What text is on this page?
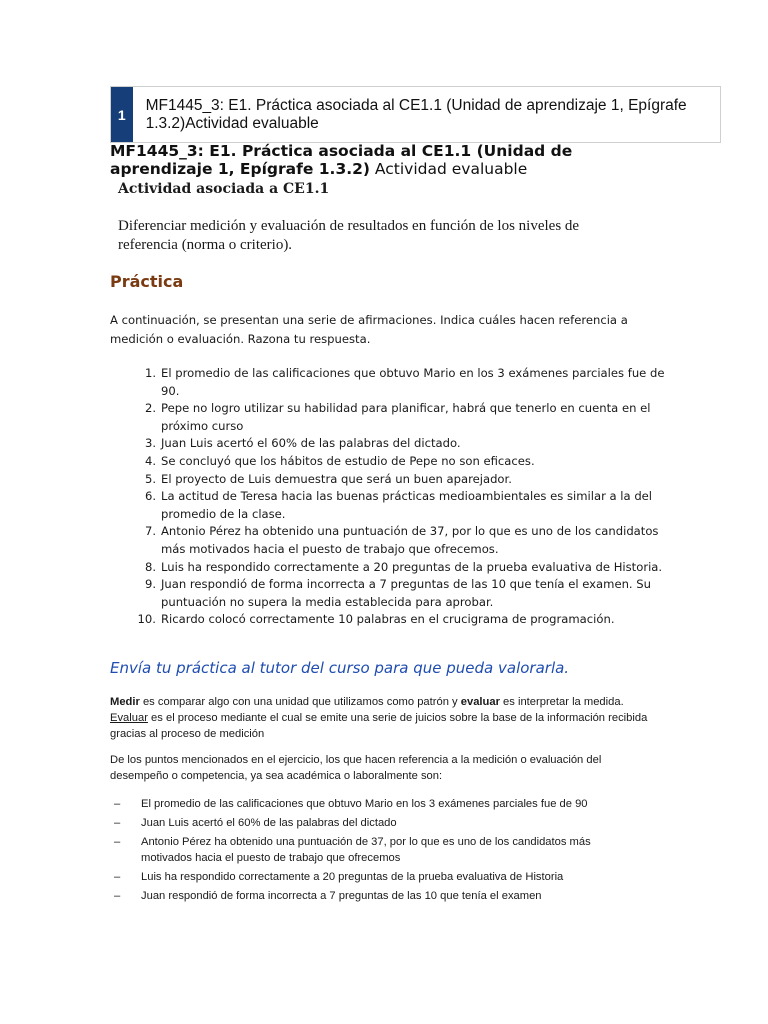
1
MF1445_3: E1. Práctica asociada al CE1.1 (Unidad de aprendizaje 1, Epígrafe 1.3.2)Actividad evaluable
MF1445_3: E1. Práctica asociada al CE1.1 (Unidad de aprendizaje 1, Epígrafe 1.3.2) Actividad evaluable
Actividad asociada a CE1.1
Diferenciar medición y evaluación de resultados en función de los niveles de referencia (norma o criterio).
Práctica
A continuación, se presentan una serie de afirmaciones. Indica cuáles hacen referencia a medición o evaluación. Razona tu respuesta.
1. El promedio de las calificaciones que obtuvo Mario en los 3 exámenes parciales fue de 90.
2. Pepe no logro utilizar su habilidad para planificar, habrá que tenerlo en cuenta en el próximo curso
3. Juan Luis acertó el 60% de las palabras del dictado.
4. Se concluyó que los hábitos de estudio de Pepe no son eficaces.
5. El proyecto de Luis demuestra que será un buen aparejador.
6. La actitud de Teresa hacia las buenas prácticas medioambientales es similar a la del promedio de la clase.
7. Antonio Pérez ha obtenido una puntuación de 37, por lo que es uno de los candidatos más motivados hacia el puesto de trabajo que ofrecemos.
8. Luis ha respondido correctamente a 20 preguntas de la prueba evaluativa de Historia.
9. Juan respondió de forma incorrecta a 7 preguntas de las 10 que tenía el examen. Su puntuación no supera la media establecida para aprobar.
10. Ricardo colocó correctamente 10 palabras en el crucigrama de programación.
Envía tu práctica al tutor del curso para que pueda valorarla.
Medir es comparar algo con una unidad que utilizamos como patrón y evaluar es interpretar la medida.
Evaluar es el proceso mediante el cual se emite una serie de juicios sobre la base de la información recibida gracias al proceso de medición
De los puntos mencionados en el ejercicio, los que hacen referencia a la medición o evaluación del desempeño o competencia, ya sea académica o laboralmente son:
–	El promedio de las calificaciones que obtuvo Mario en los 3 exámenes parciales fue de 90
–	Juan Luis acertó el 60% de las palabras del dictado
–	Antonio Pérez ha obtenido una puntuación de 37, por lo que es uno de los candidatos más motivados hacia el puesto de trabajo que ofrecemos
–	Luis ha respondido correctamente a 20 preguntas de la prueba evaluativa de Historia
–	Juan respondió de forma incorrecta a 7 preguntas de las 10 que tenía el examen
